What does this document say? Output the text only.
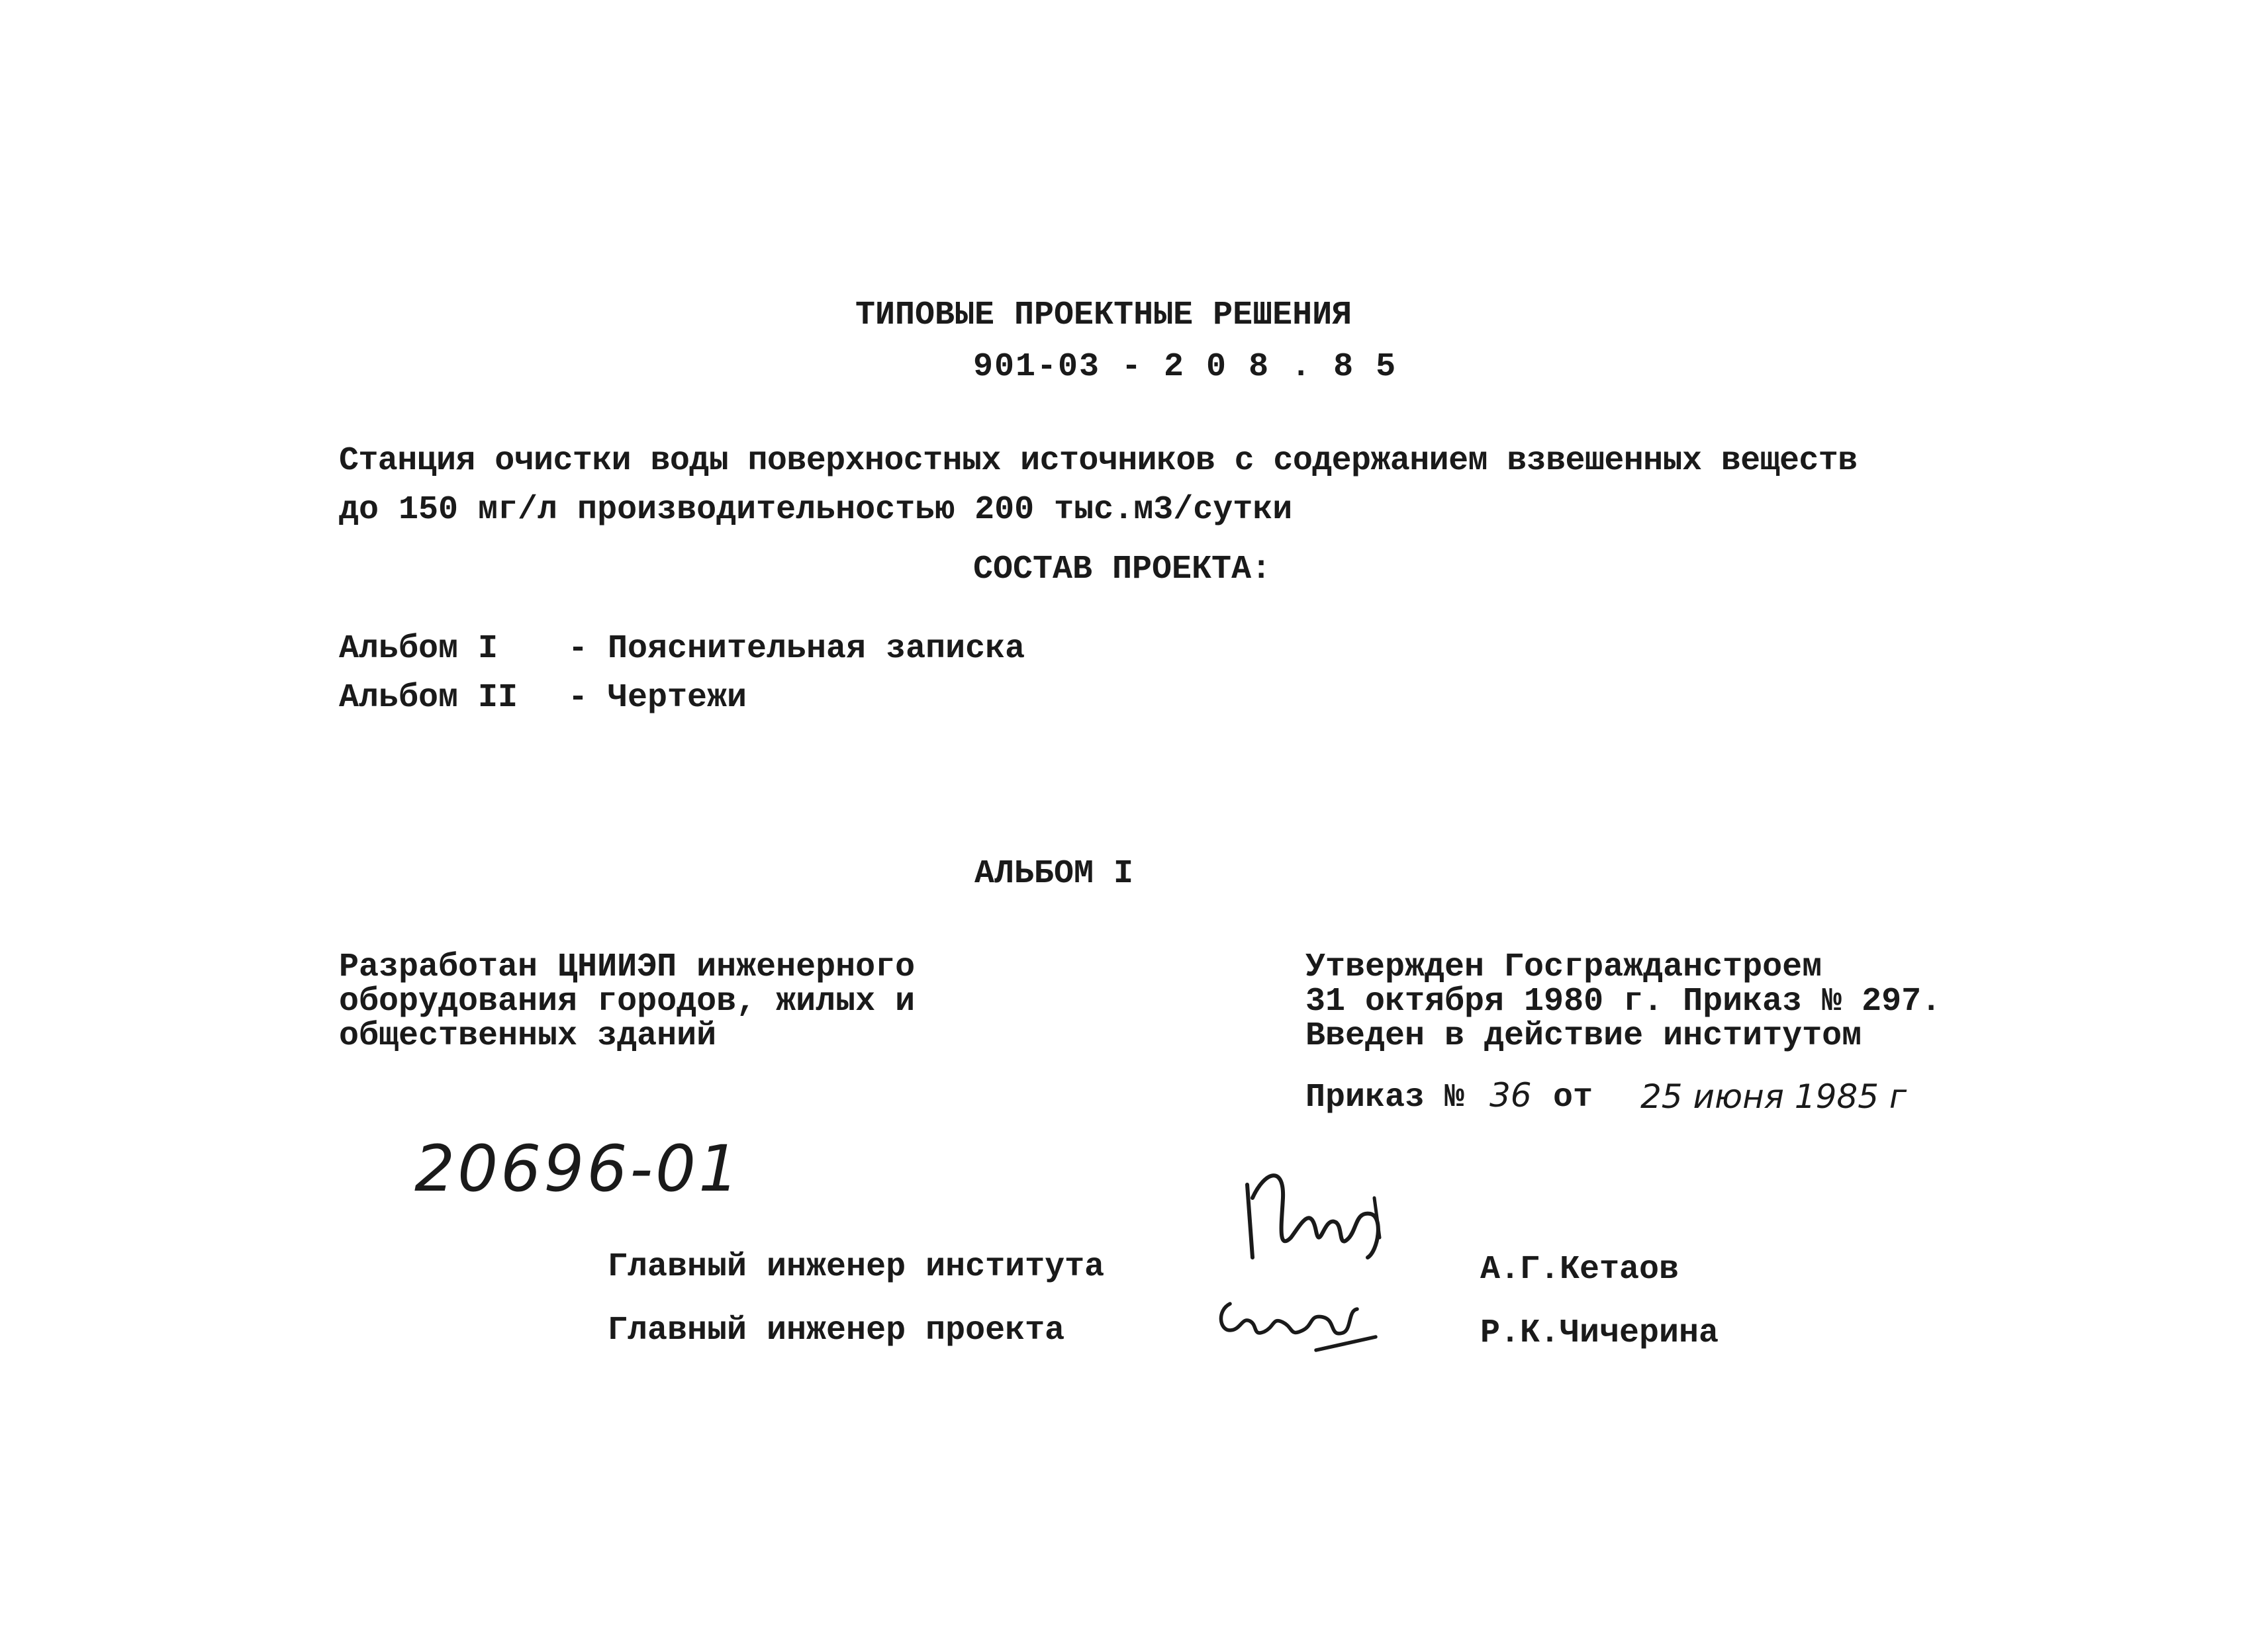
ТИПОВЫЕ ПРОЕКТНЫЕ РЕШЕНИЯ
901-03 - 2 0 8 . 8 5
Станция очистки воды поверхностных источников с содержанием взвешенных веществ
до 150 мг/л производительностью 200 тыс.м3/сутки
СОСТАВ ПРОЕКТА:
Альбом I - Пояснительная записка
Альбом II - Чертежи
АЛЬБОМ I
Разработан ЦНИИЭП инженерного
оборудования городов, жилых и
общественных зданий
Утвержден Госгражданстроем
31 октября 1980 г. Приказ № 297.
Введен в действие институтом
Приказ № 36 от 25 июня 1985 г
20696-01
Главный инженер института	А.Г.Кетаов
Главный инженер проекта	Р.К.Чичерина
